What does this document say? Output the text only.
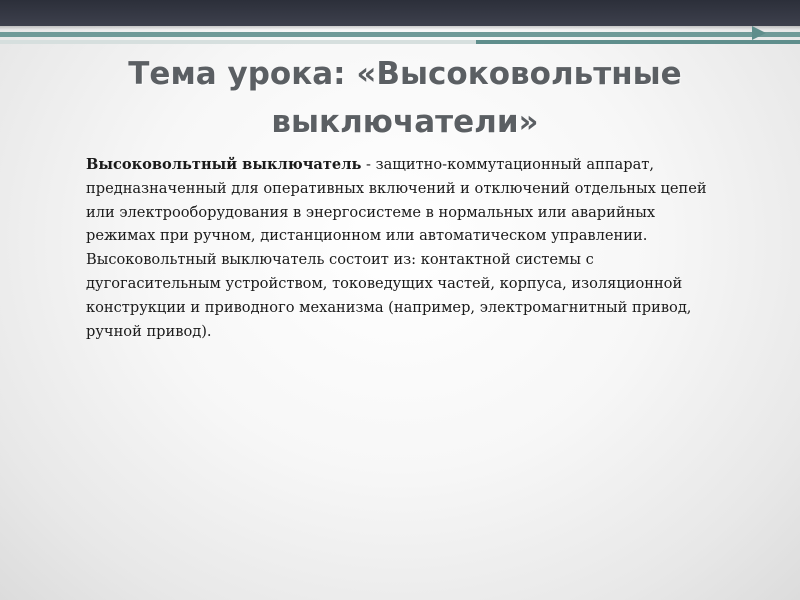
Тема урока: «Высоковольтные выключатели»

Высоковольтный выключатель - защитно-коммутационный аппарат, предназначенный для оперативных включений и отключений отдельных цепей или электрооборудования в энергосистеме в нормальных или аварийных режимах при ручном, дистанционном или автоматическом управлении. Высоковольтный выключатель состоит из: контактной системы с дугогасительным устройством, токоведущих частей, корпуса, изоляционной конструкции и приводного механизма (например, электромагнитный привод, ручной привод).
